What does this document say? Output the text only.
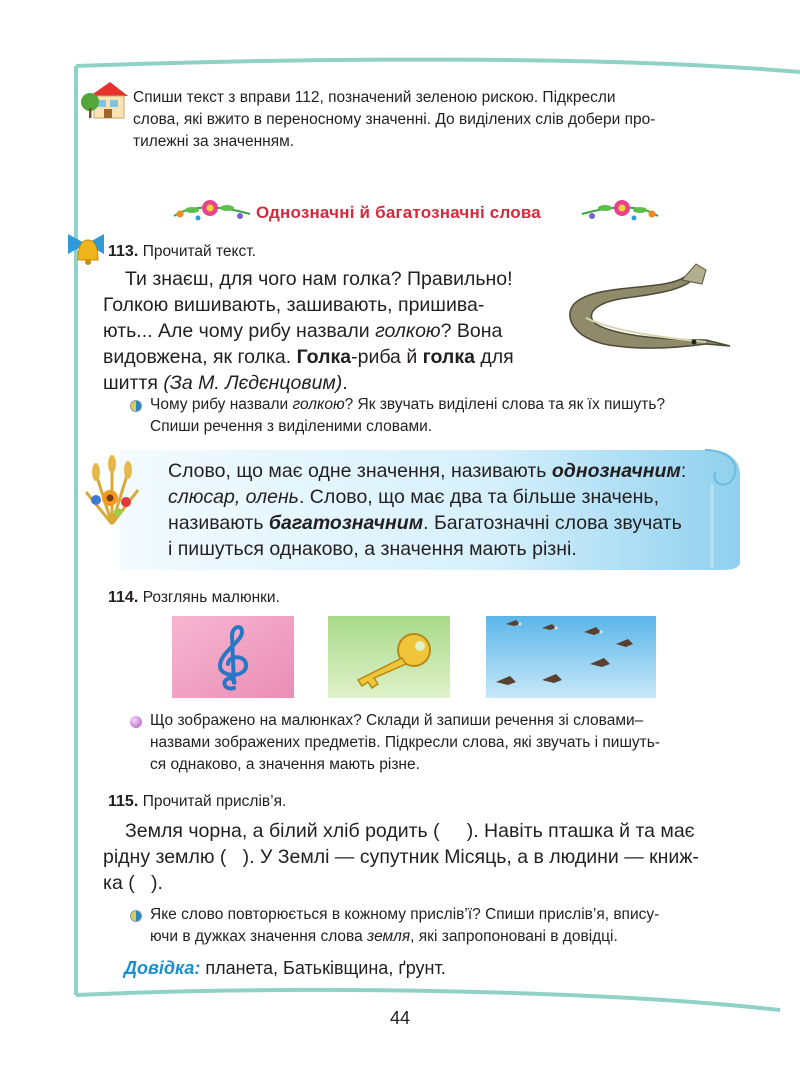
Спиши текст з вправи 112, позначений зеленою рискою. Підкресли
слова, які вжито в переносному значенні. До виділених слів добери про-
тилежні за значенням.
Однозначні й багатозначні слова
113. Прочитай текст.
Ти знаєш, для чого нам голка? Правильно!
Голкою вишивають, зашивають, пришива-
ють... Але чому рибу назвали голкою? Вона
видовжена, як голка. Голка-риба й голка для
шиття (За М. Лєдєнцовим).
Чому рибу назвали голкою? Як звучать виділені слова та як їх пишуть?
Спиши речення з виділеними словами.
Слово, що має одне значення, називають однозначним:
слюсар, олень. Слово, що має два та більше значень,
називають багатозначним. Багатозначні слова звучать
і пишуться однаково, а значення мають різні.
114. Розглянь малюнки.
Що зображено на малюнках? Склади й запиши речення зі словами–
назвами зображених предметів. Підкресли слова, які звучать і пишуть-
ся однаково, а значення мають різне.
115. Прочитай прислів’я.
Земля чорна, а білий хліб родить (     ). Навіть пташка й та має
рідну землю (   ). У Землі — супутник Місяць, а в людини — книж-
ка (   ).
Яке слово повторюється в кожному прислів’ї? Спиши прислів’я, впису-
ючи в дужках значення слова земля, які запропоновані в довідці.
Довідка: планета, Батьківщина, ґрунт.
44
